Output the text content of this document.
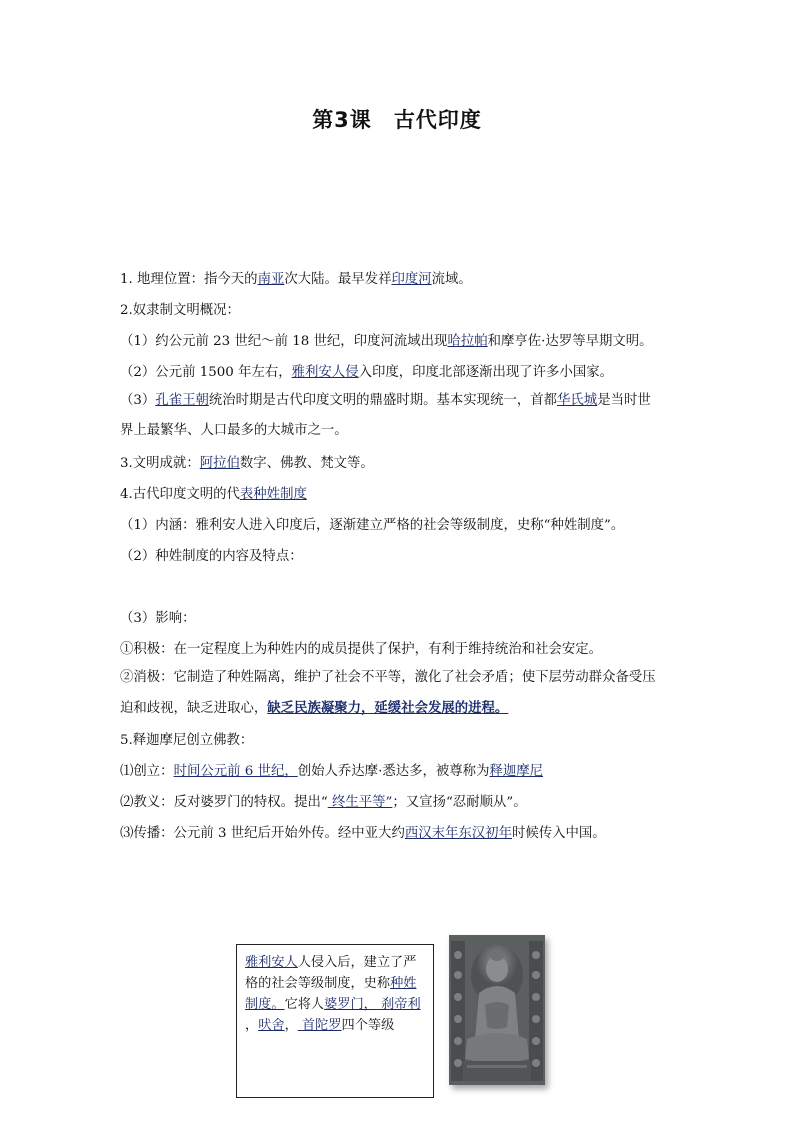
第3课 古代印度
1. 地理位置：指今天的南亚次大陆。最早发祥印度河流域。
2.奴隶制文明概况：
（1）约公元前 23 世纪～前 18 世纪，印度河流域出现哈拉帕和摩亨佐·达罗等早期文明。
（2）公元前 1500 年左右，雅利安人侵入印度，印度北部逐渐出现了许多小国家。
（3）孔雀王朝统治时期是古代印度文明的鼎盛时期。基本实现统一，首都华氏城是当时世
界上最繁华、人口最多的大城市之一。
3.文明成就：阿拉伯数字、佛教、梵文等。
4.古代印度文明的代表种姓制度
（1）内涵：雅利安人进入印度后，逐渐建立严格的社会等级制度，史称“种姓制度”。
（2）种姓制度的内容及特点：
（3）影响：
①积极：在一定程度上为种姓内的成员提供了保护，有利于维持统治和社会安定。
②消极：它制造了种姓隔离，维护了社会不平等，激化了社会矛盾；使下层劳动群众备受压
迫和歧视，缺乏进取心，缺乏民族凝聚力，延缓社会发展的进程。
5.释迦摩尼创立佛教：
⑴创立：时间公元前 6 世纪，创始人乔达摩·悉达多，被尊称为释迦摩尼
⑵教义：反对婆罗门的特权。提出“ 终生平等”；又宣扬“忍耐顺从”。
⑶传播：公元前 3 世纪后开始外传。经中亚大约西汉末年东汉初年时候传入中国。
雅利安人人侵入后，建立了严格的社会等级制度，史称种姓制度。它将人婆罗门， 刹帝利 ，吠舍， 首陀罗四个等级
